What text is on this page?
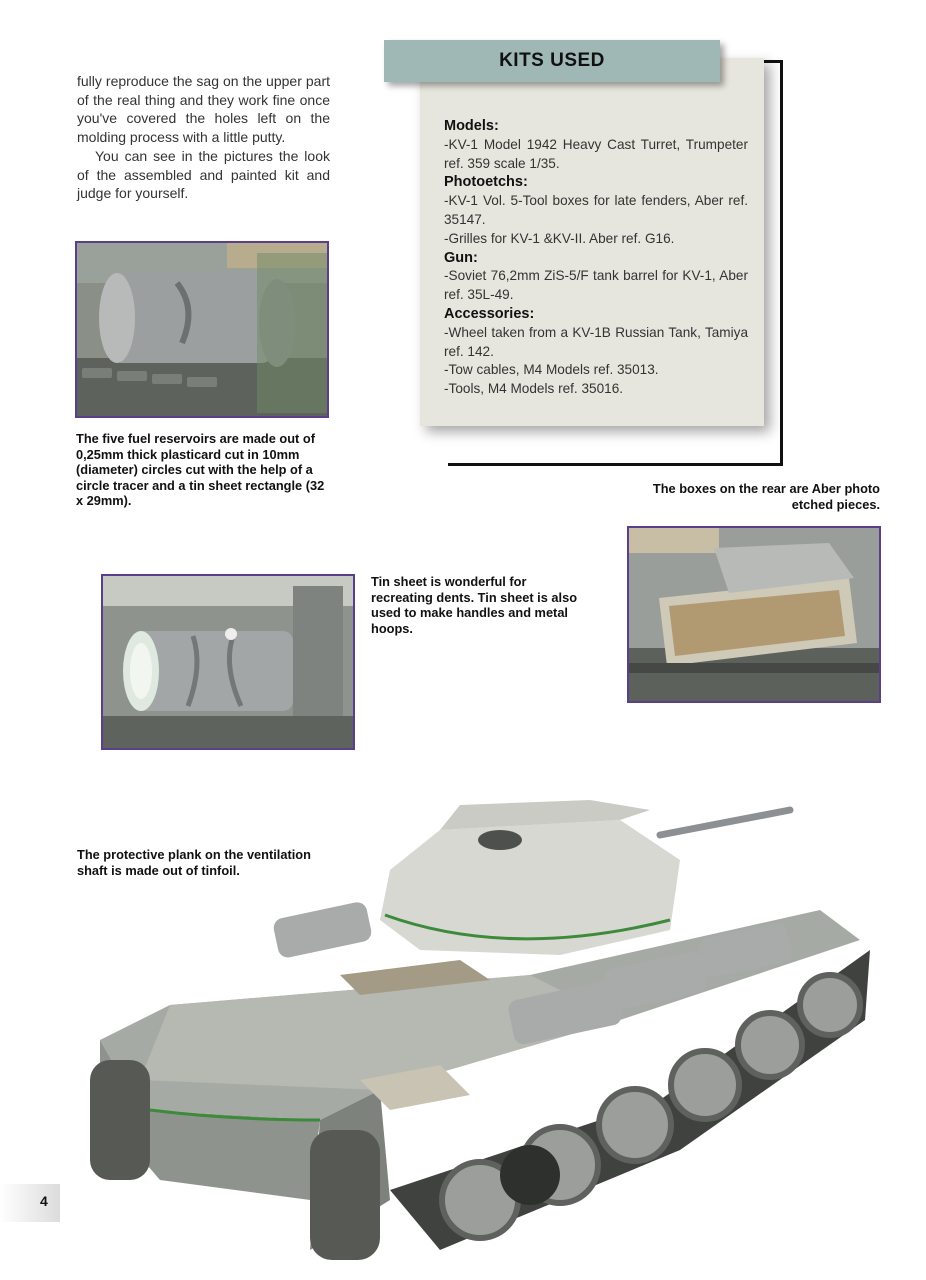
fully reproduce the sag on the upper part of the real thing and they work fine once you've covered the holes left on the molding process with a little putty.

You can see in the pictures the look of the assembled and painted kit and judge for yourself.

KITS USED
Models:
-KV-1 Model 1942 Heavy Cast Turret, Trumpeter ref. 359 scale 1/35.
Photoetchs:
-KV-1 Vol. 5-Tool boxes for late fenders, Aber ref. 35147.
-Grilles for KV-1 &KV-II. Aber ref. G16.
Gun:
-Soviet 76,2mm ZiS-5/F tank barrel for KV-1, Aber ref. 35L-49.
Accessories:
-Wheel taken from a KV-1B Russian Tank, Tamiya ref. 142.
-Tow cables, M4 Models ref. 35013.
-Tools, M4 Models ref. 35016.
The five fuel reservoirs are made out of 0,25mm thick plasticard cut in 10mm (diameter) circles cut with the help of a circle tracer and a tin sheet rectangle (32 x 29mm).
The boxes on the rear are Aber photo etched pieces.
Tin sheet is wonderful for recreating dents. Tin sheet is also used to make handles and metal hoops.
The protective plank on the ventilation shaft is made out of tinfoil.
4
